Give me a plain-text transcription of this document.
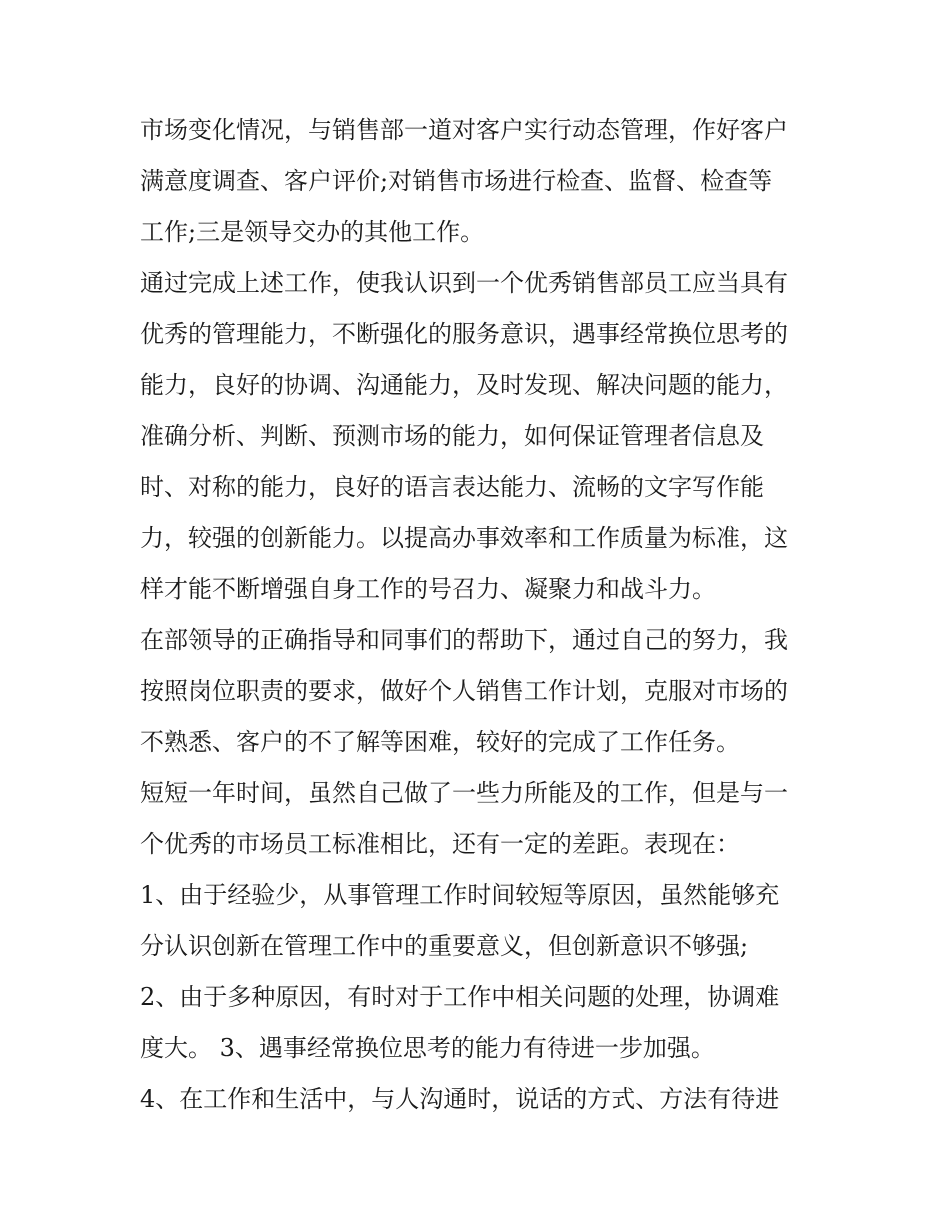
市场变化情况，与销售部一道对客户实行动态管理，作好客户
满意度调查、客户评价;对销售市场进行检查、监督、检查等
工作;三是领导交办的其他工作。
通过完成上述工作，使我认识到一个优秀销售部员工应当具有
优秀的管理能力，不断强化的服务意识，遇事经常换位思考的
能力，良好的协调、沟通能力，及时发现、解决问题的能力，
准确分析、判断、预测市场的能力，如何保证管理者信息及
时、对称的能力，良好的语言表达能力、流畅的文字写作能
力，较强的创新能力。以提高办事效率和工作质量为标准，这
样才能不断增强自身工作的号召力、凝聚力和战斗力。
在部领导的正确指导和同事们的帮助下，通过自己的努力，我
按照岗位职责的要求，做好个人销售工作计划，克服对市场的
不熟悉、客户的不了解等困难，较好的完成了工作任务。
短短一年时间，虽然自己做了一些力所能及的工作，但是与一
个优秀的市场员工标准相比，还有一定的差距。表现在：
1、由于经验少，从事管理工作时间较短等原因，虽然能够充
分认识创新在管理工作中的重要意义，但创新意识不够强;
2、由于多种原因，有时对于工作中相关问题的处理，协调难
度大。 3、遇事经常换位思考的能力有待进一步加强。
4、在工作和生活中，与人沟通时，说话的方式、方法有待进
